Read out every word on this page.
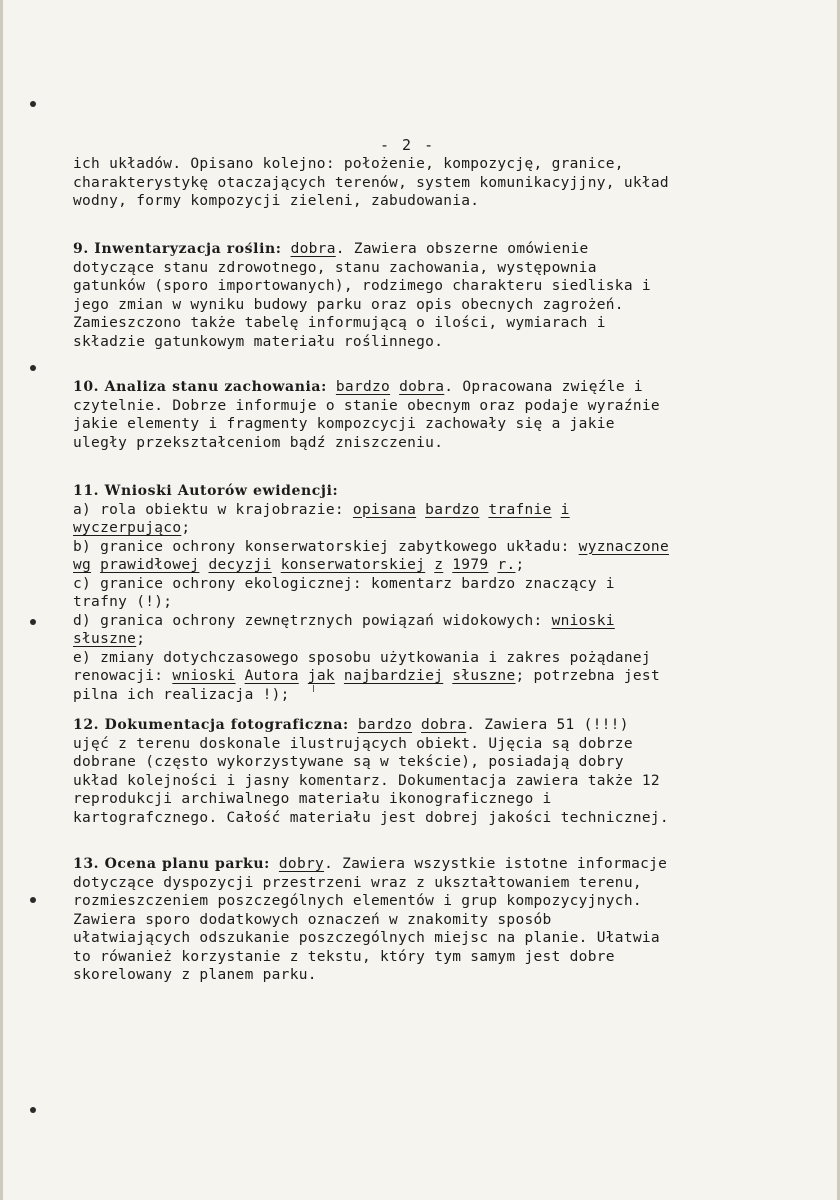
- 2 -
ich układów. Opisano kolejno: położenie, kompozycję, granice,
charakterystykę otaczających terenów, system komunikacyjjny, układ
wodny, formy kompozycji zieleni, zabudowania.
9. Inwentaryzacja roślin: dobra. Zawiera obszerne omówienie
dotyczące stanu zdrowotnego, stanu zachowania, występownia
gatunków (sporo importowanych), rodzimego charakteru siedliska i
jego zmian w wyniku budowy parku oraz opis obecnych zagrożeń.
Zamieszczono także tabelę informującą o ilości, wymiarach i
składzie gatunkowym materiału roślinnego.
10. Analiza stanu zachowania: bardzo dobra. Opracowana zwięźle i
czytelnie. Dobrze informuje o stanie obecnym oraz podaje wyraźnie
jakie elementy i fragmenty kompozcycji zachowały się a jakie
uległy przekształceniom bądź zniszczeniu.
11. Wnioski Autorów ewidencji:
a) rola obiektu w krajobrazie: opisana bardzo trafnie i
wyczerpująco;
b) granice ochrony konserwatorskiej zabytkowego układu: wyznaczone
wg prawidłowej decyzji konserwatorskiej z 1979 r.;
c) granice ochrony ekologicznej: komentarz bardzo znaczący i
trafny (!);
d) granica ochrony zewnętrznych powiązań widokowych: wnioski
słuszne;
e) zmiany dotychczasowego sposobu użytkowania i zakres pożądanej
renowacji: wnioski Autora jak najbardziej słuszne; potrzebna jest
pilna ich realizacja !);
12. Dokumentacja fotograficzna: bardzo dobra. Zawiera 51 (!!!)
ujęć z terenu doskonale ilustrujących obiekt. Ujęcia są dobrze
dobrane (często wykorzystywane są w tekście), posiadają dobry
układ kolejności i jasny komentarz. Dokumentacja zawiera także 12
reprodukcji archiwalnego materiału ikonograficznego i
kartografcznego. Całość materiału jest dobrej jakości technicznej.
13. Ocena planu parku: dobry. Zawiera wszystkie istotne informacje
dotyczące dyspozycji przestrzeni wraz z ukształtowaniem terenu,
rozmieszczeniem poszczególnych elementów i grup kompozycyjnych.
Zawiera sporo dodatkowych oznaczeń w znakomity sposób
ułatwiających odszukanie poszczególnych miejsc na planie. Ułatwia
to rówanież korzystanie z tekstu, który tym samym jest dobre
skorelowany z planem parku.
